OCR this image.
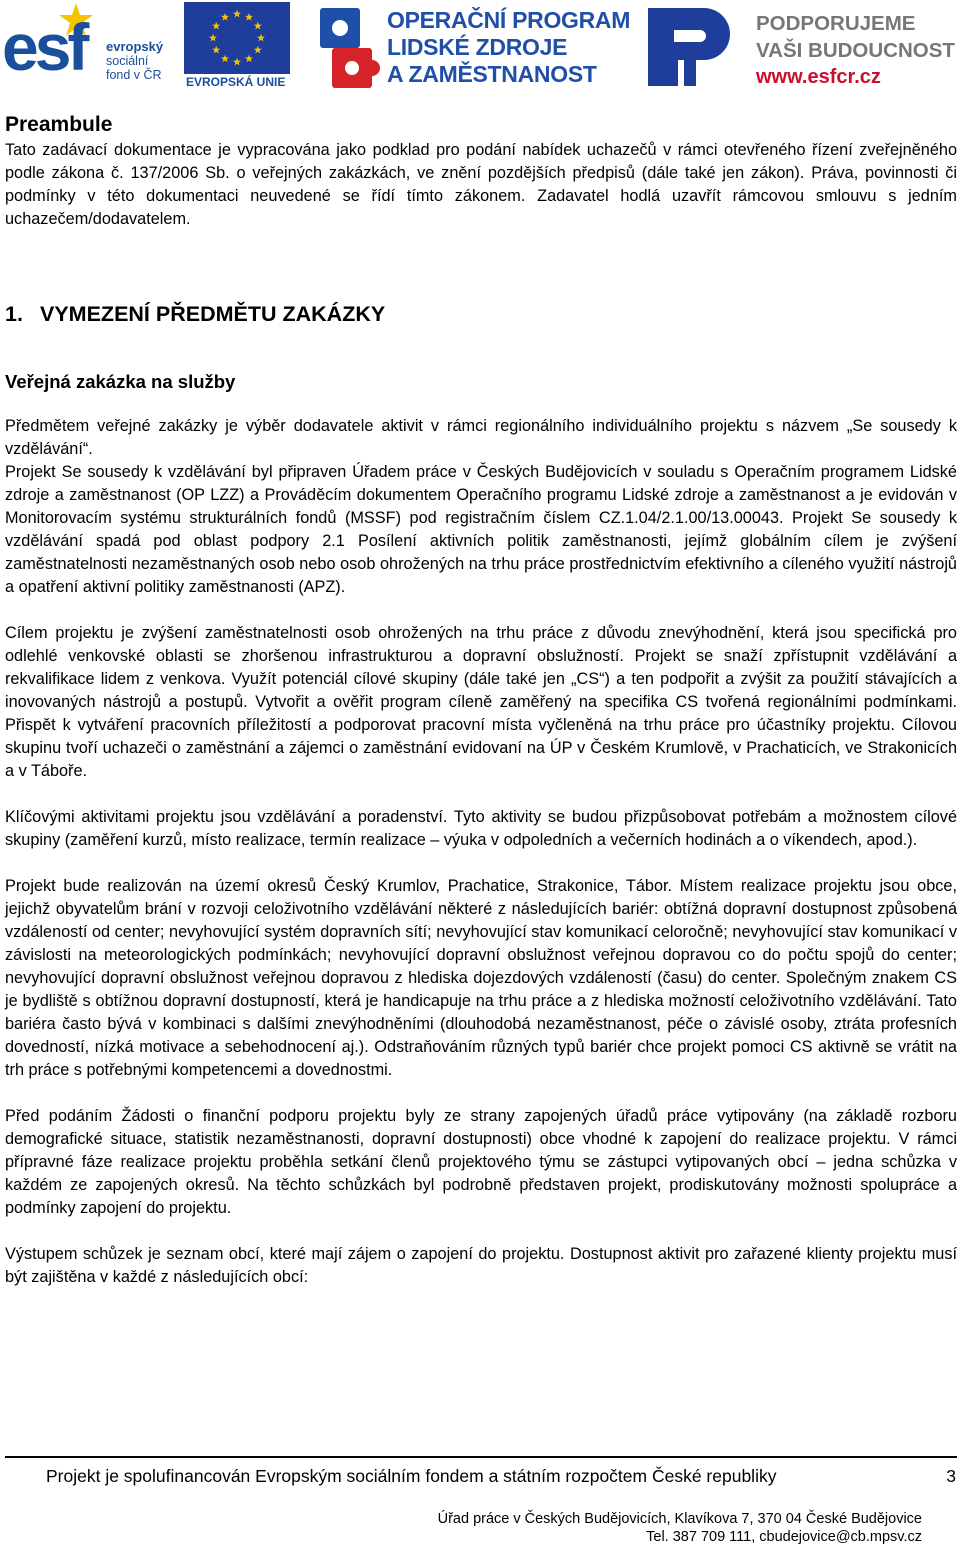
esf evropský
sociální
fond v ČR EVROPSKÁ UNIE
OPERAČNÍ PROGRAM
LIDSKÉ ZDROJE
A ZAMĚSTNANOST
PODPORUJEME
VAŠI BUDOUCNOST
www.esfcr.cz
Preambule

Tato zadávací dokumentace je vypracována jako podklad pro podání nabídek uchazečů v rámci otevřeného řízení zveřejněného podle zákona č. 137/2006 Sb. o veřejných zakázkách, ve znění pozdějších předpisů (dále také jen zákon). Práva, povinnosti či podmínky v této dokumentaci neuvedené se řídí tímto zákonem. Zadavatel hodlá uzavřít rámcovou smlouvu s jedním uchazečem/dodavatelem.

1. VYMEZENÍ PŘEDMĚTU ZAKÁZKY
Veřejná zakázka na služby

Předmětem veřejné zakázky je výběr dodavatele aktivit v rámci regionálního individuálního projektu s názvem „Se sousedy k vzdělávání“.

Projekt Se sousedy k vzdělávání byl připraven Úřadem práce v Českých Budějovicích v souladu s Operačním programem Lidské zdroje a zaměstnanost (OP LZZ) a Prováděcím dokumentem Operačního programu Lidské zdroje a zaměstnanost a je evidován v Monitorovacím systému strukturálních fondů (MSSF) pod registračním číslem CZ.1.04/2.1.00/13.00043. Projekt Se sousedy k vzdělávání spadá pod oblast podpory 2.1 Posílení aktivních politik zaměstnanosti, jejímž globálním cílem je zvýšení zaměstnatelnosti nezaměstnaných osob nebo osob ohrožených na trhu práce prostřednictvím efektivního a cíleného využití nástrojů a opatření aktivní politiky zaměstnanosti (APZ).

Cílem projektu je zvýšení zaměstnatelnosti osob ohrožených na trhu práce z důvodu znevýhodnění, která jsou specifická pro odlehlé venkovské oblasti se zhoršenou infrastrukturou a dopravní obslužností. Projekt se snaží zpřístupnit vzdělávání a rekvalifikace lidem z venkova. Využít potenciál cílové skupiny (dále také jen „CS“) a ten podpořit a zvýšit za použití stávajících a inovovaných nástrojů a postupů. Vytvořit a ověřit program cíleně zaměřený na specifika CS tvořená regionálními podmínkami. Přispět k vytváření pracovních příležitostí a podporovat pracovní místa vyčleněná na trhu práce pro účastníky projektu. Cílovou skupinu tvoří uchazeči o zaměstnání a zájemci o zaměstnání evidovaní na ÚP v Českém Krumlově, v Prachaticích, ve Strakonicích a v Táboře.

Klíčovými aktivitami projektu jsou vzdělávání a poradenství. Tyto aktivity se budou přizpůsobovat potřebám a možnostem cílové skupiny (zaměření kurzů, místo realizace, termín realizace – výuka v odpoledních a večerních hodinách a o víkendech, apod.).

Projekt bude realizován na území okresů Český Krumlov, Prachatice, Strakonice, Tábor. Místem realizace projektu jsou obce, jejichž obyvatelům brání v rozvoji celoživotního vzdělávání některé z následujících bariér: obtížná dopravní dostupnost způsobená vzdáleností od center; nevyhovující systém dopravních sítí; nevyhovující stav komunikací celoročně; nevyhovující stav komunikací v závislosti na meteorologických podmínkách; nevyhovující dopravní obslužnost veřejnou dopravou co do počtu spojů do center; nevyhovující dopravní obslužnost veřejnou dopravou z hlediska dojezdových vzdáleností (času) do center. Společným znakem CS je bydliště s obtížnou dopravní dostupností, která je handicapuje na trhu práce a z hlediska možností celoživotního vzdělávání. Tato bariéra často bývá v kombinaci s dalšími znevýhodněními (dlouhodobá nezaměstnanost, péče o závislé osoby, ztráta profesních dovedností, nízká motivace a sebehodnocení aj.). Odstraňováním různých typů bariér chce projekt pomoci CS aktivně se vrátit na trh práce s potřebnými kompetencemi a dovednostmi.

Před podáním Žádosti o finanční podporu projektu byly ze strany zapojených úřadů práce vytipovány (na základě rozboru demografické situace, statistik nezaměstnanosti, dopravní dostupnosti) obce vhodné k zapojení do realizace projektu. V rámci přípravné fáze realizace projektu proběhla setkání členů projektového týmu se zástupci vytipovaných obcí – jedna schůzka v každém ze zapojených okresů. Na těchto schůzkách byl podrobně představen projekt, prodiskutovány možnosti spolupráce a podmínky zapojení do projektu.

Výstupem schůzek je seznam obcí, které mají zájem o zapojení do projektu. Dostupnost aktivit pro zařazené klienty projektu musí být zajištěna v každé z následujících obcí:

Projekt je spolufinancován Evropským sociálním fondem a státním rozpočtem České republiky	3
Úřad práce v Českých Budějovicích, Klavíkova 7, 370 04 České Budějovice
Tel. 387 709 111, cbudejovice@cb.mpsv.cz
